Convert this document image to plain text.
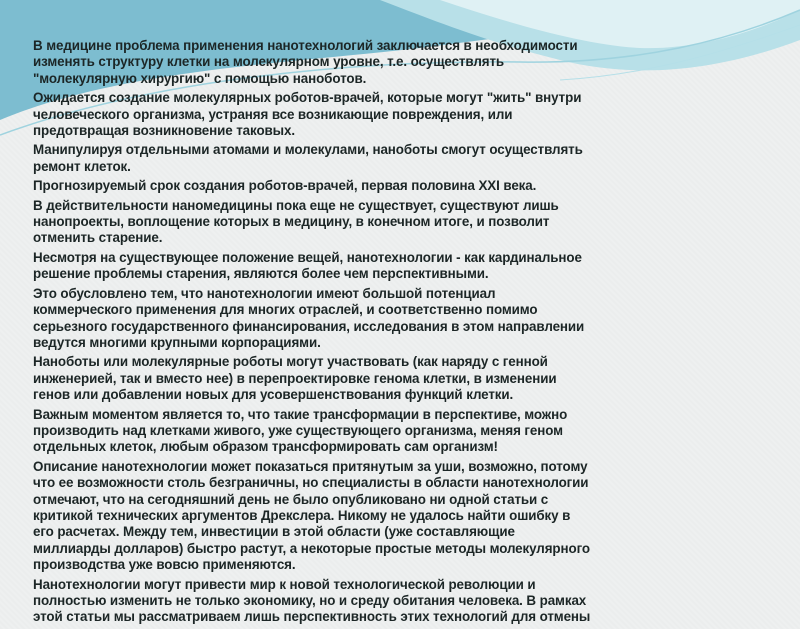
В медицине проблема применения нанотехнологий заключается в необходимости
изменять структуру клетки на молекулярном уровне, т.е. осуществлять
"молекулярную хирургию" с помощью наноботов.

Ожидается создание молекулярных роботов-врачей, которые могут "жить" внутри
человеческого организма, устраняя все возникающие повреждения, или
предотвращая возникновение таковых.

Манипулируя отдельными атомами и молекулами, наноботы смогут осуществлять
ремонт клеток.

Прогнозируемый срок создания роботов-врачей, первая половина XXI века.

В действительности наномедицины пока еще не существует, существуют лишь
нанопроекты, воплощение которых в медицину, в конечном итоге, и позволит
отменить старение.

Несмотря на существующее положение вещей, нанотехнологии - как кардинальное
решение проблемы старения, являются более чем перспективными.

Это обусловлено тем, что нанотехнологии имеют большой потенциал
коммерческого применения для многих отраслей, и соответственно помимо
серьезного государственного финансирования, исследования в этом направлении
ведутся многими крупными корпорациями.

Наноботы или молекулярные роботы могут участвовать (как наряду с генной
инженерией, так и вместо нее) в перепроектировке генома клетки, в изменении
генов или добавлении новых для усовершенствования функций клетки.

Важным моментом является то, что такие трансформации в перспективе, можно
производить над клетками живого, уже существующего организма, меняя геном
отдельных клеток, любым образом трансформировать сам организм!

Описание нанотехнологии может показаться притянутым за уши, возможно, потому
что ее возможности столь безграничны, но специалисты в области нанотехнологии
отмечают, что на сегодняшний день не было опубликовано ни одной статьи с
критикой технических аргументов Дрекслера. Никому не удалось найти ошибку в
его расчетах. Между тем, инвестиции в этой области (уже составляющие
миллиарды долларов) быстро растут, а некоторые простые методы молекулярного
производства уже вовсю применяются.

Нанотехнологии могут привести мир к новой технологической революции и
полностью изменить не только экономику, но и среду обитания человека. В рамках
этой статьи мы рассматриваем лишь перспективность этих технологий для отмены
